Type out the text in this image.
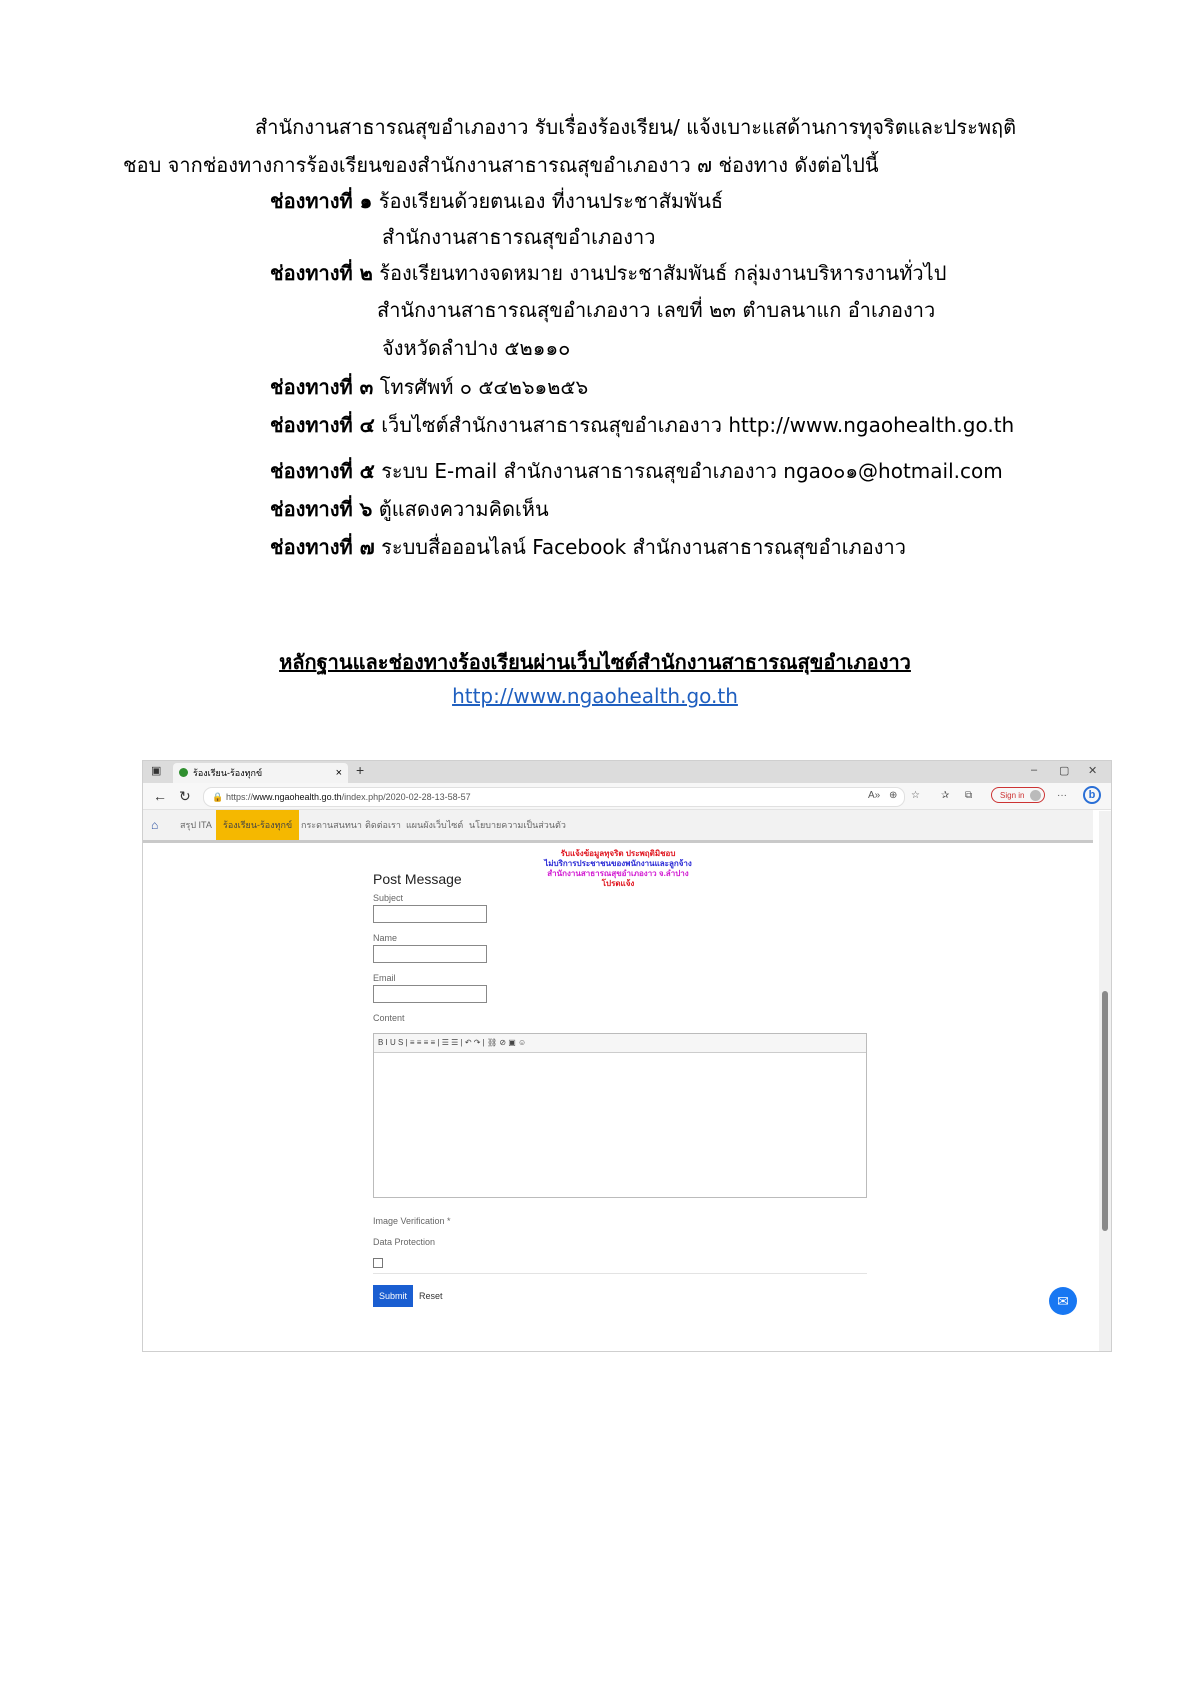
สำนักงานสาธารณสุขอำเภองาว รับเรื่องร้องเรียน/ แจ้งเบาะแสด้านการทุจริตและประพฤติ
ชอบ จากช่องทางการร้องเรียนของสำนักงานสาธารณสุขอำเภองาว ๗ ช่องทาง ดังต่อไปนี้
ช่องทางที่ ๑ ร้องเรียนด้วยตนเอง ที่งานประชาสัมพันธ์
สำนักงานสาธารณสุขอำเภองาว
ช่องทางที่ ๒ ร้องเรียนทางจดหมาย งานประชาสัมพันธ์ กลุ่มงานบริหารงานทั่วไป
สำนักงานสาธารณสุขอำเภองาว เลขที่ ๒๓ ตำบลนาแก อำเภองาว
จังหวัดลำปาง ๕๒๑๑๐
ช่องทางที่ ๓ โทรศัพท์ ๐ ๕๔๒๖๑๒๕๖
ช่องทางที่ ๔ เว็บไซต์สำนักงานสาธารณสุขอำเภองาว http://www.ngaohealth.go.th
ช่องทางที่ ๕ ระบบ E-mail สำนักงานสาธารณสุขอำเภองาว ngao๐๑@hotmail.com
ช่องทางที่ ๖ ตู้แสดงความคิดเห็น
ช่องทางที่ ๗ ระบบสื่อออนไลน์ Facebook สำนักงานสาธารณสุขอำเภองาว
หลักฐานและช่องทางร้องเรียนผ่านเว็บไซต์สำนักงานสาธารณสุขอำเภองาว
http://www.ngaohealth.go.th
▣	ร้องเรียน-ร้องทุกข์	× +	– ▢ ✕
← ↻ 🔒 https://www.ngaohealth.go.th/index.php/2020-02-28-13-58-57	A» ⊕ ☆ ✰ ⧉	Sign in	···	b
⌂ สรุป ITA	ร้องเรียน-ร้องทุกข์ กระดานสนทนา ติดต่อเรา แผนผังเว็บไซต์ นโยบายความเป็นส่วนตัว
รับแจ้งข้อมูลทุจริต ประพฤติมิชอบ
ไม่บริการประชาชนของพนักงานและลูกจ้าง
สำนักงานสาธารณสุขอำเภองาว จ.ลำปาง
โปรดแจ้ง
Post Message
Subject
Name
Email
Content
B I U S | ≡ ≡ ≡ ≡ | ☰ ☰ | ↶ ↷ | ⛓ ⊘ ▣ ☺
Image Verification *
Data Protection
Submit	Reset	✉
